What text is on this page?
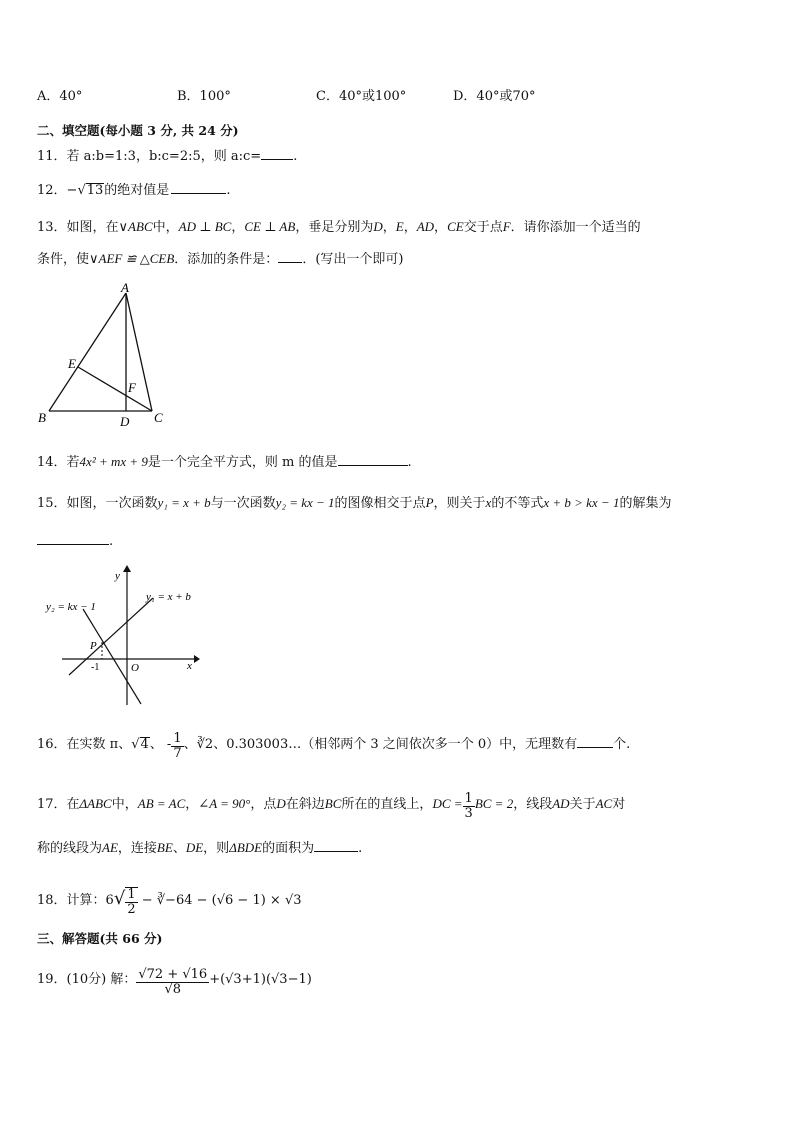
A．40°	B．100°	C．40°或100°	D．40°或70°
二、填空题(每小题 3 分, 共 24 分)
11．若 a:b=1:3，b:c=2:5，则 a:c= .
12．−√13的绝对值是	.
13．如图，在∨ABC中，AD ⊥ BC，CE ⊥ AB，垂足分别为D，E，AD，CE交于点F．请你添加一个适当的
条件，使∨AEF ≌ △CEB．添加的条件是： ．(写出一个即可)
A
B	C
D
E
F
14．若4x² + mx + 9是一个完全平方式，则 m 的值是	.
15．如图，一次函数y₁ = x + b与一次函数y₂ = kx − 1的图像相交于点P，则关于x的不等式x + b > kx − 1的解集为
.
y
x
O
P
-1
y₁ = x + b
y₂ = kx − 1
16．在实数 π、√4、 - $\frac{1}{7}$ 、∛2、0.303003…（相邻两个 3 之间依次多一个 0）中，无理数有	个.
17．在ΔABC中，AB = AC，∠A = 90°，点D在斜边BC所在的直线上，DC = $\frac{1}{3}$ BC = 2，线段AD关于AC对
称的线段为AE，连接BE、DE，则ΔBDE的面积为	.
18．计算：$6√ \frac{1}{2}$ − ∛−64 − (√6 − 1) × √3
三、解答题(共 66 分)
19．(10分) 解： $\frac{√72 + √16}{√8} +(√3+1)(√3-1)$
